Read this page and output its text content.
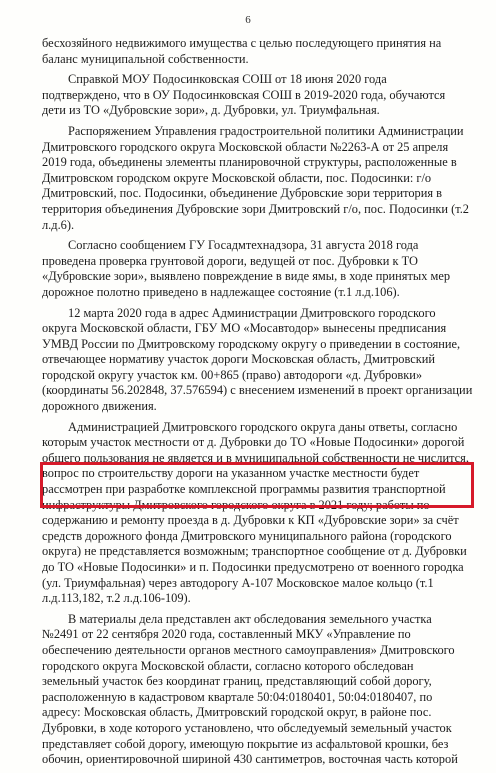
6

бесхозяйного недвижимого имущества с целью последующего принятия на
баланс муниципальной собственности.

Справкой МОУ Подосинковская СОШ от 18 июня 2020 года
подтверждено, что в ОУ Подосинковская СОШ в 2019-2020 года, обучаются
дети из ТО «Дубровские зори», д. Дубровки, ул. Триумфальная.

Распоряжением Управления градостроительной политики Администрации
Дмитровского городского округа Московской области №2263-А от 25 апреля
2019 года, объединены элементы планировочной структуры, расположенные в
Дмитровском городском округе Московской области, пос. Подосинки: г/о
Дмитровский, пос. Подосинки, объединение Дубровские зори территория в
территория объединения Дубровские зори Дмитровский г/о, пос. Подосинки (т.2
л.д.6).

Согласно сообщением ГУ Госадмтехнадзора, 31 августа 2018 года
проведена проверка грунтовой дороги, ведущей от пос. Дубровки к ТО
«Дубровские зори», выявлено повреждение в виде ямы, в ходе принятых мер
дорожное полотно приведено в надлежащее состояние (т.1 л.д.106).

12 марта 2020 года в адрес Администрации Дмитровского городского
округа Московской области, ГБУ МО «Мосавтодор» вынесены предписания
УМВД России по Дмитровскому городскому округу о приведении в состояние,
отвечающее нормативу участок дороги Московская область, Дмитровский
городской округу участок км. 00+865 (право) автодороги «д. Дубровки»
(координаты 56.202848, 37.576594) с внесением изменений в проект организации
дорожного движения.

Администрацией Дмитровского городского округа даны ответы, согласно
которым участок местности от д. Дубровки до ТО «Новые Подосинки» дорогой
общего пользования не является и в муниципальной собственности не числится,
вопрос по строительству дороги на указанном участке местности будет
рассмотрен при разработке комплексной программы развития транспортной
инфраструктуры Дмитровского городского округа в 2021 году; работы по
содержанию и ремонту проезда в д. Дубровки к КП «Дубровские зори» за счёт
средств дорожного фонда Дмитровского муниципального района (городского
округа) не представляется возможным; транспортное сообщение от д. Дубровки
до ТО «Новые Подосинки» и п. Подосинки предусмотрено от военного городка
(ул. Триумфальная) через автодорогу А-107 Московское малое кольцо (т.1
л.д.113,182, т.2 л.д.106-109).

В материалы дела представлен акт обследования земельного участка
№2491 от 22 сентября 2020 года, составленный МКУ «Управление по
обеспечению деятельности органов местного самоуправления» Дмитровского
городского округа Московской области, согласно которого обследован
земельный участок без координат границ, представляющий собой дорогу,
расположенную в кадастровом квартале 50:04:0180401, 50:04:0180407, по
адресу: Московская область, Дмитровский городской округ, в районе пос.
Дубровки, в ходе которого установлено, что обследуемый земельный участок
представляет собой дорогу, имеющую покрытие из асфальтовой крошки, без
обочин, ориентировочной шириной 430 сантиметров, восточная часть которой
